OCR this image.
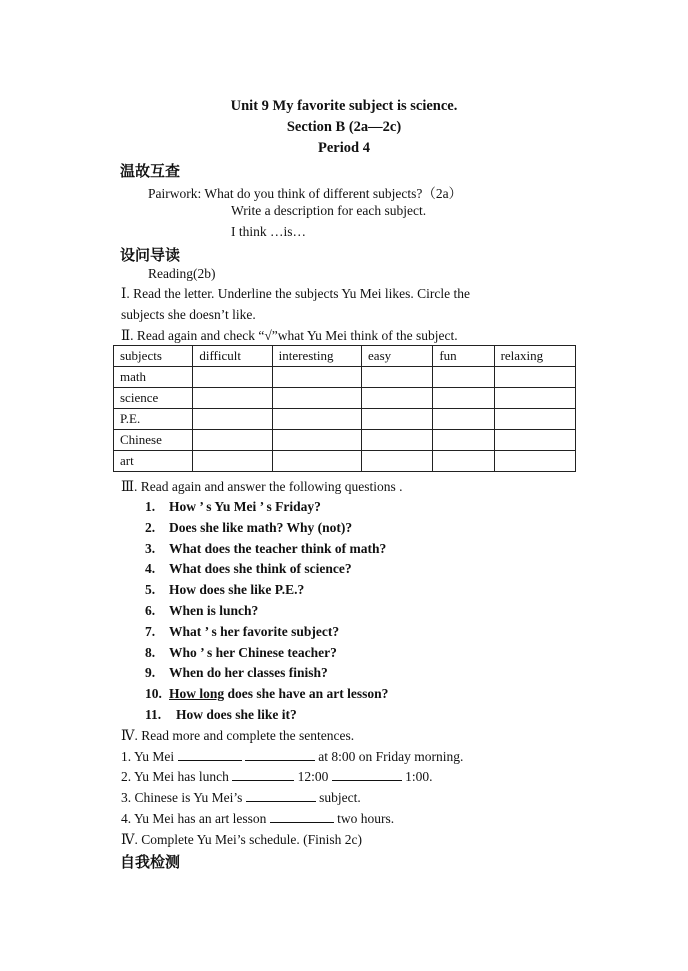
Unit 9 My favorite subject is science.
Section B (2a—2c)
Period 4
温故互查
Pairwork: What do you think of different subjects?（2a）
Write a description for each subject.
I think …is…
设问导读
Reading(2b)
Ⅰ. Read the letter. Underline the subjects Yu Mei likes. Circle the
subjects she doesn’t like.
Ⅱ. Read again and check “√”what Yu Mei think of the subject.
subjects	difficult	interesting	easy	fun	relaxing
math					
science					
P.E.					
Chinese					
art					
Ⅲ. Read again and answer the following questions .
1. How ’ s Yu Mei ’ s Friday?
2. Does she like math? Why (not)?
3. What does the teacher think of math?
4. What does she think of science?
5. How does she like P.E.?
6. When is lunch?
7. What ’ s her favorite subject?
8. Who ’ s her Chinese teacher?
9. When do her classes finish?
10. How long does she have an art lesson?
11. How does she like it?
Ⅳ. Read more and complete the sentences.
1. Yu Mei	at 8:00 on Friday morning.
2. Yu Mei has lunch	12:00	1:00.
3. Chinese is Yu Mei’s	subject.
4. Yu Mei has an art lesson	two hours.
Ⅳ. Complete Yu Mei’s schedule. (Finish 2c)
自我检测
